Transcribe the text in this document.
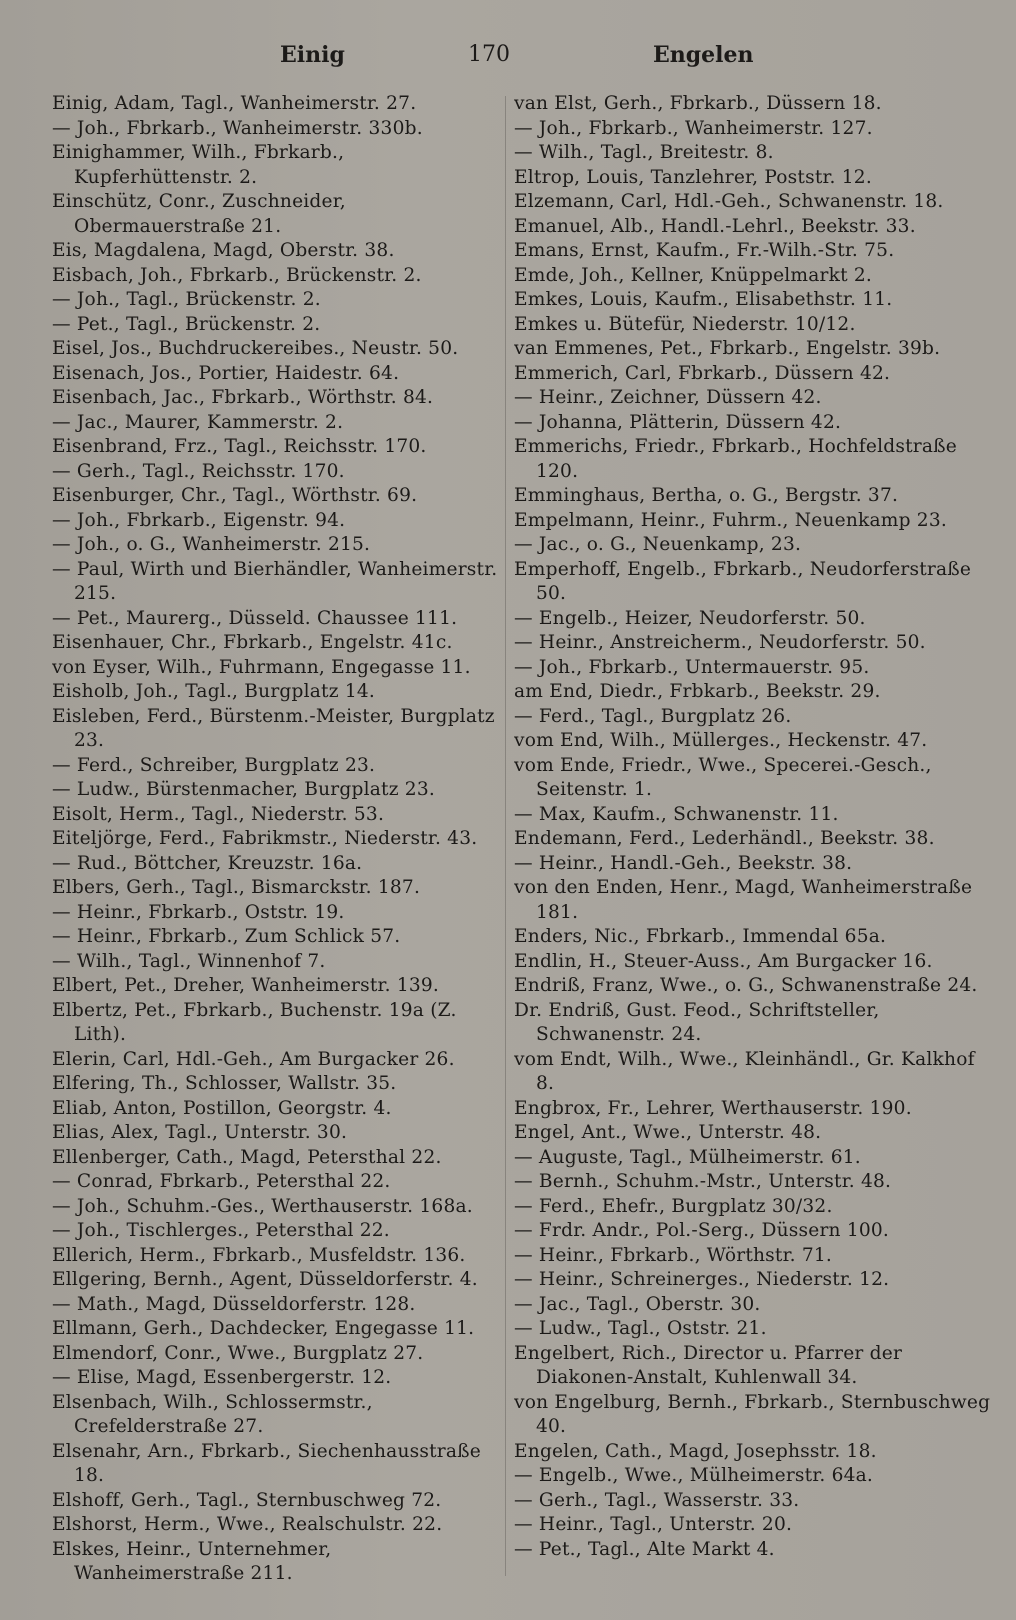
Einig	170	Engelen
Einig, Adam, Tagl., Wanheimerstr. 27.
— Joh., Fbrkarb., Wanheimerstr. 330b.
Einighammer, Wilh., Fbrkarb., Kupferhüttenstr. 2.
Einschütz, Conr., Zuschneider, Obermauerstraße 21.
Eis, Magdalena, Magd, Oberstr. 38.
Eisbach, Joh., Fbrkarb., Brückenstr. 2.
— Joh., Tagl., Brückenstr. 2.
— Pet., Tagl., Brückenstr. 2.
Eisel, Jos., Buchdruckereibes., Neustr. 50.
Eisenach, Jos., Portier, Haidestr. 64.
Eisenbach, Jac., Fbrkarb., Wörthstr. 84.
— Jac., Maurer, Kammerstr. 2.
Eisenbrand, Frz., Tagl., Reichsstr. 170.
— Gerh., Tagl., Reichsstr. 170.
Eisenburger, Chr., Tagl., Wörthstr. 69.
— Joh., Fbrkarb., Eigenstr. 94.
— Joh., o. G., Wanheimerstr. 215.
— Paul, Wirth und Bierhändler, Wanheimerstr. 215.
— Pet., Maurerg., Düsseld. Chaussee 111.
Eisenhauer, Chr., Fbrkarb., Engelstr. 41c.
von Eyser, Wilh., Fuhrmann, Engegasse 11.
Eisholb, Joh., Tagl., Burgplatz 14.
Eisleben, Ferd., Bürstenm.-Meister, Burgplatz 23.
— Ferd., Schreiber, Burgplatz 23.
— Ludw., Bürstenmacher, Burgplatz 23.
Eisolt, Herm., Tagl., Niederstr. 53.
Eiteljörge, Ferd., Fabrikmstr., Niederstr. 43.
— Rud., Böttcher, Kreuzstr. 16a.
Elbers, Gerh., Tagl., Bismarckstr. 187.
— Heinr., Fbrkarb., Oststr. 19.
— Heinr., Fbrkarb., Zum Schlick 57.
— Wilh., Tagl., Winnenhof 7.
Elbert, Pet., Dreher, Wanheimerstr. 139.
Elbertz, Pet., Fbrkarb., Buchenstr. 19a (Z. Lith).
Elerin, Carl, Hdl.-Geh., Am Burgacker 26.
Elfering, Th., Schlosser, Wallstr. 35.
Eliab, Anton, Postillon, Georgstr. 4.
Elias, Alex, Tagl., Unterstr. 30.
Ellenberger, Cath., Magd, Petersthal 22.
— Conrad, Fbrkarb., Petersthal 22.
— Joh., Schuhm.-Ges., Werthauserstr. 168a.
— Joh., Tischlerges., Petersthal 22.
Ellerich, Herm., Fbrkarb., Musfeldstr. 136.
Ellgering, Bernh., Agent, Düsseldorferstr. 4.
— Math., Magd, Düsseldorferstr. 128.
Ellmann, Gerh., Dachdecker, Engegasse 11.
Elmendorf, Conr., Wwe., Burgplatz 27.
— Elise, Magd, Essenbergerstr. 12.
Elsenbach, Wilh., Schlossermstr., Crefelderstraße 27.
Elsenahr, Arn., Fbrkarb., Siechenhausstraße 18.
Elshoff, Gerh., Tagl., Sternbuschweg 72.
Elshorst, Herm., Wwe., Realschulstr. 22.
Elskes, Heinr., Unternehmer, Wanheimerstraße 211.
van Elst, Gerh., Fbrkarb., Düssern 18.
— Joh., Fbrkarb., Wanheimerstr. 127.
— Wilh., Tagl., Breitestr. 8.
Eltrop, Louis, Tanzlehrer, Poststr. 12.
Elzemann, Carl, Hdl.-Geh., Schwanenstr. 18.
Emanuel, Alb., Handl.-Lehrl., Beekstr. 33.
Emans, Ernst, Kaufm., Fr.-Wilh.-Str. 75.
Emde, Joh., Kellner, Knüppelmarkt 2.
Emkes, Louis, Kaufm., Elisabethstr. 11.
Emkes u. Bütefür, Niederstr. 10/12.
van Emmenes, Pet., Fbrkarb., Engelstr. 39b.
Emmerich, Carl, Fbrkarb., Düssern 42.
— Heinr., Zeichner, Düssern 42.
— Johanna, Plätterin, Düssern 42.
Emmerichs, Friedr., Fbrkarb., Hochfeldstraße 120.
Emminghaus, Bertha, o. G., Bergstr. 37.
Empelmann, Heinr., Fuhrm., Neuenkamp 23.
— Jac., o. G., Neuenkamp, 23.
Emperhoff, Engelb., Fbrkarb., Neudorferstraße 50.
— Engelb., Heizer, Neudorferstr. 50.
— Heinr., Anstreicherm., Neudorferstr. 50.
— Joh., Fbrkarb., Untermauerstr. 95.
am End, Diedr., Frbkarb., Beekstr. 29.
— Ferd., Tagl., Burgplatz 26.
vom End, Wilh., Müllerges., Heckenstr. 47.
vom Ende, Friedr., Wwe., Specerei.-Gesch., Seitenstr. 1.
— Max, Kaufm., Schwanenstr. 11.
Endemann, Ferd., Lederhändl., Beekstr. 38.
— Heinr., Handl.-Geh., Beekstr. 38.
von den Enden, Henr., Magd, Wanheimerstraße 181.
Enders, Nic., Fbrkarb., Immendal 65a.
Endlin, H., Steuer-Auss., Am Burgacker 16.
Endriß, Franz, Wwe., o. G., Schwanenstraße 24.
Dr. Endriß, Gust. Feod., Schriftsteller, Schwanenstr. 24.
vom Endt, Wilh., Wwe., Kleinhändl., Gr. Kalkhof 8.
Engbrox, Fr., Lehrer, Werthauserstr. 190.
Engel, Ant., Wwe., Unterstr. 48.
— Auguste, Tagl., Mülheimerstr. 61.
— Bernh., Schuhm.-Mstr., Unterstr. 48.
— Ferd., Ehefr., Burgplatz 30/32.
— Frdr. Andr., Pol.-Serg., Düssern 100.
— Heinr., Fbrkarb., Wörthstr. 71.
— Heinr., Schreinerges., Niederstr. 12.
— Jac., Tagl., Oberstr. 30.
— Ludw., Tagl., Oststr. 21.
Engelbert, Rich., Director u. Pfarrer der Diakonen-Anstalt, Kuhlenwall 34.
von Engelburg, Bernh., Fbrkarb., Sternbuschweg 40.
Engelen, Cath., Magd, Josephsstr. 18.
— Engelb., Wwe., Mülheimerstr. 64a.
— Gerh., Tagl., Wasserstr. 33.
— Heinr., Tagl., Unterstr. 20.
— Pet., Tagl., Alte Markt 4.
